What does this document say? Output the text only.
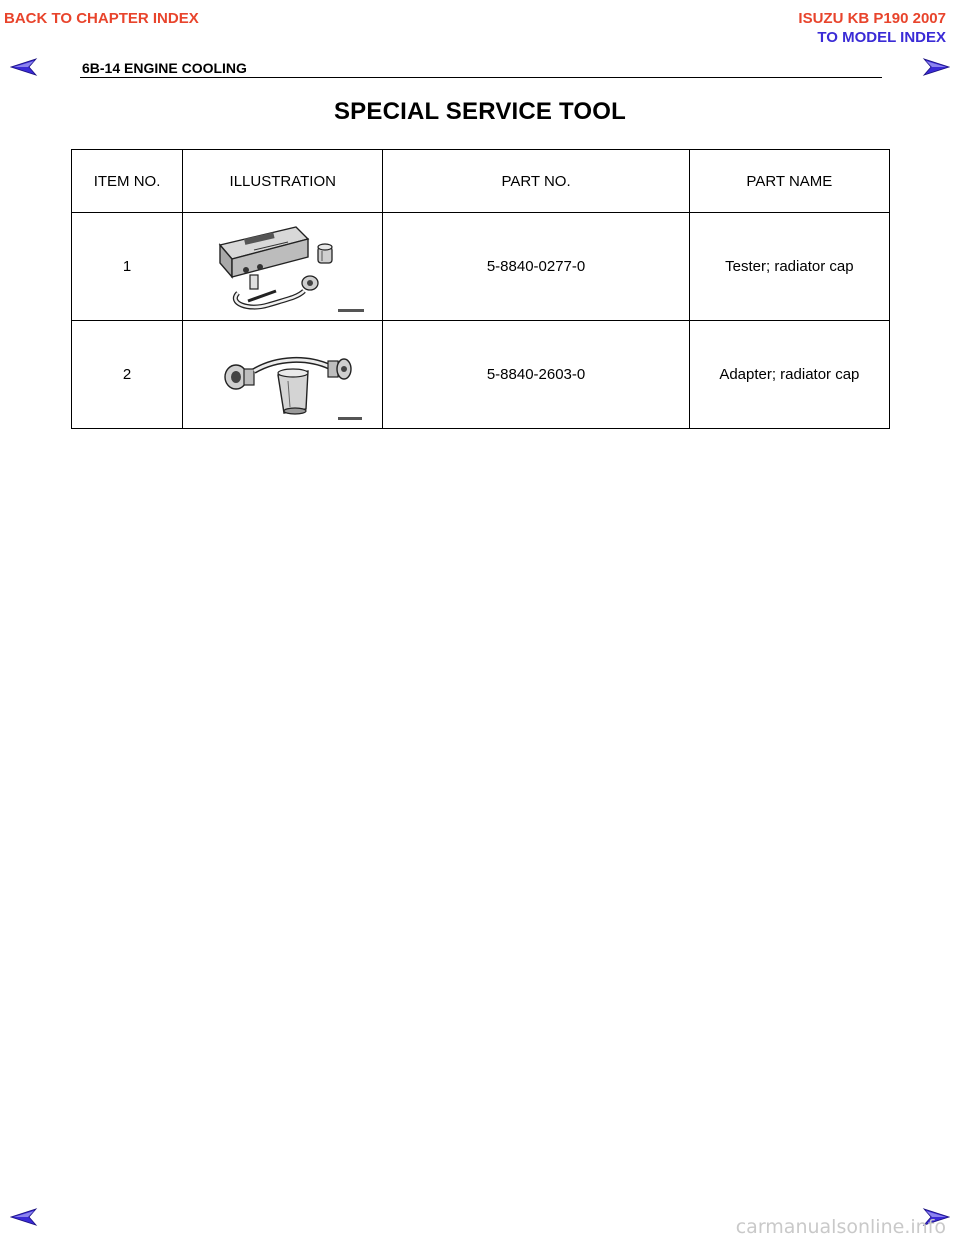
BACK TO CHAPTER INDEX	ISUZU KB P190 2007
TO MODEL INDEX
6B-14 ENGINE COOLING
SPECIAL SERVICE TOOL
ITEM NO.	ILLUSTRATION	PART NO.	PART NAME
1		5-8840-0277-0	Tester; radiator cap
2		5-8840-2603-0	Adapter; radiator cap
carmanualsonline.info
